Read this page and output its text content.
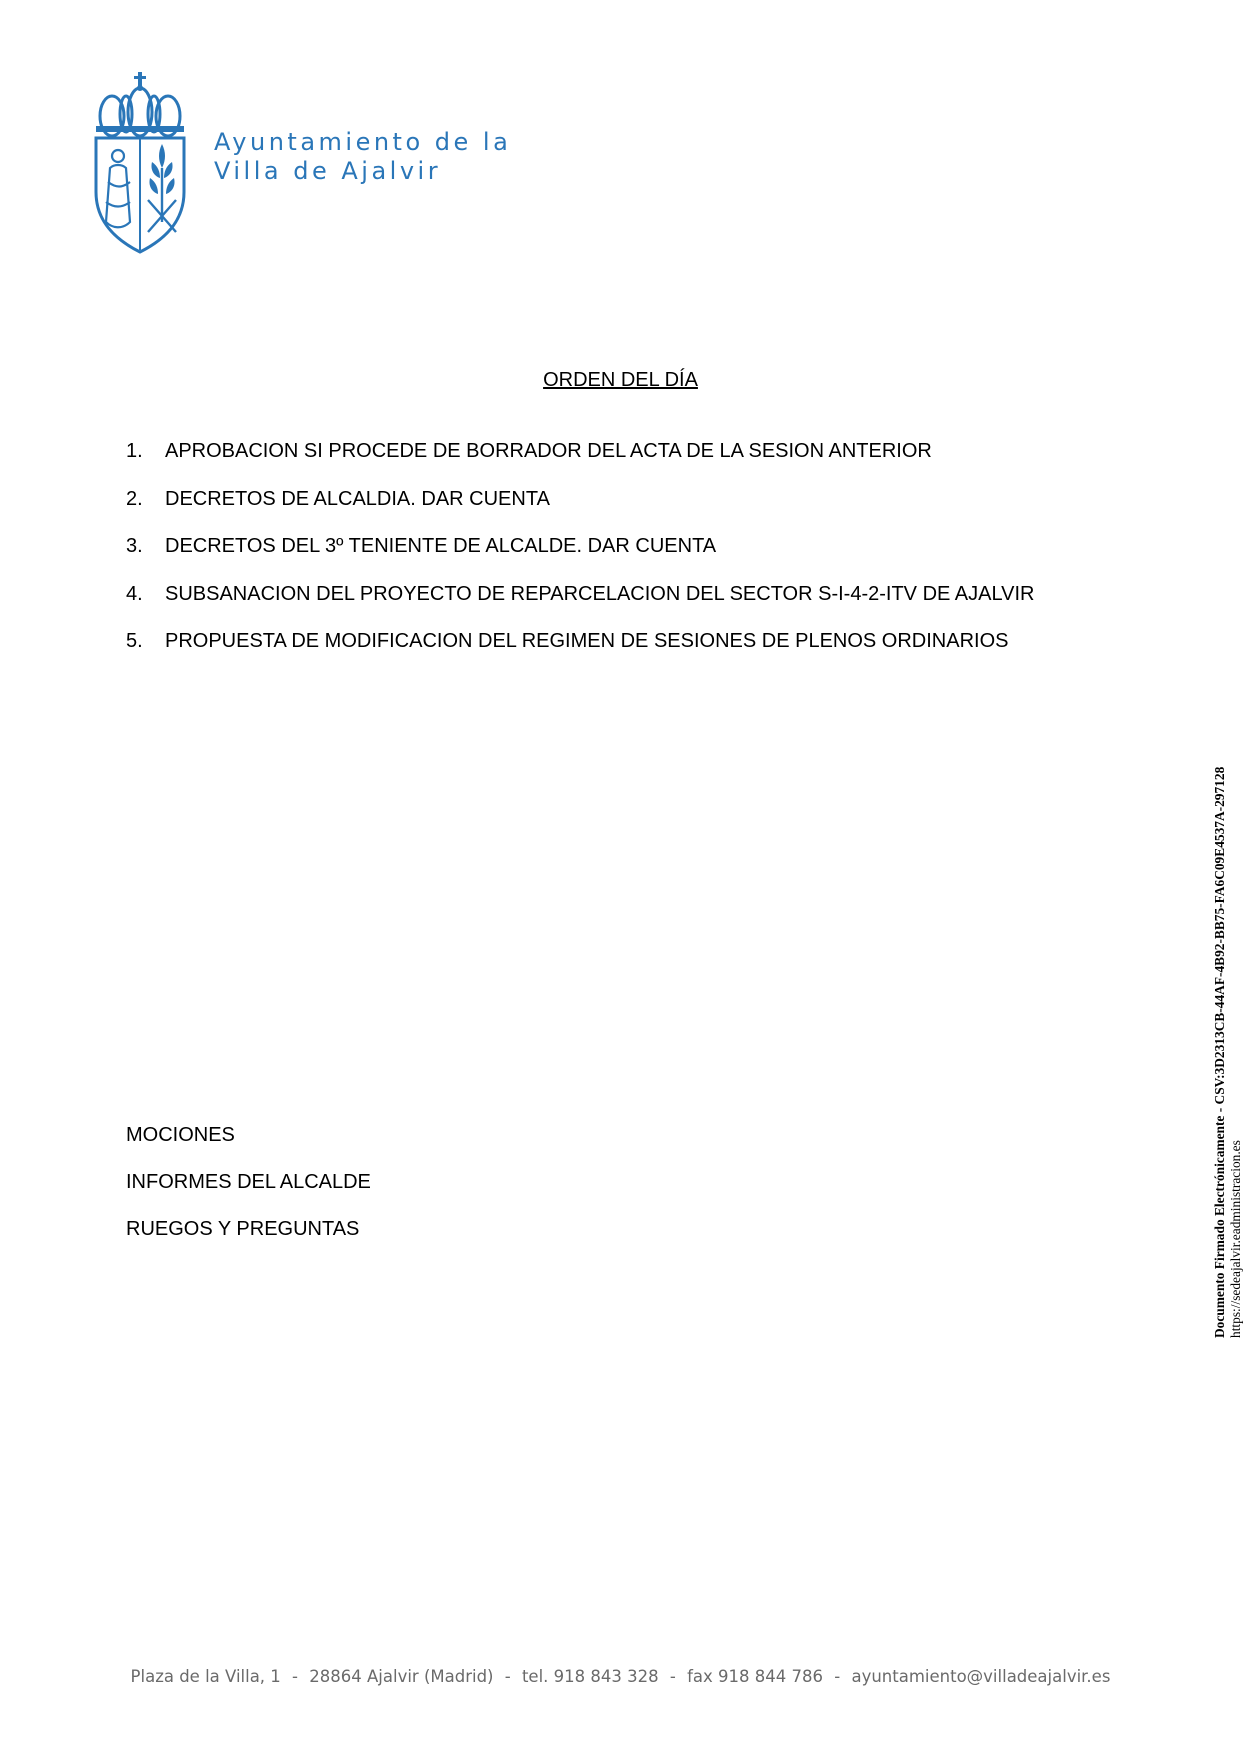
Ayuntamiento de la
Villa de Ajalvir
ORDEN DEL DÍA
1.	APROBACION SI PROCEDE DE BORRADOR DEL ACTA DE LA SESION ANTERIOR
2.	DECRETOS DE ALCALDIA. DAR CUENTA
3.	DECRETOS DEL 3º TENIENTE DE ALCALDE. DAR CUENTA
4.	SUBSANACION DEL PROYECTO DE REPARCELACION DEL SECTOR S-I-4-2-ITV DE AJALVIR
5.	PROPUESTA DE MODIFICACION DEL REGIMEN DE SESIONES DE PLENOS ORDINARIOS
MOCIONES
INFORMES DEL ALCALDE
RUEGOS Y PREGUNTAS	Documento Firmado Electrónicamente - CSV:3D2313CB-44AF-4B92-BB75-FA6C09E4537A-297128 https://sedeajalvir.eadministracion.es
Plaza de la Villa, 1 - 28864 Ajalvir (Madrid) - tel. 918 843 328 - fax 918 844 786 - ayuntamiento@villadeajalvir.es
